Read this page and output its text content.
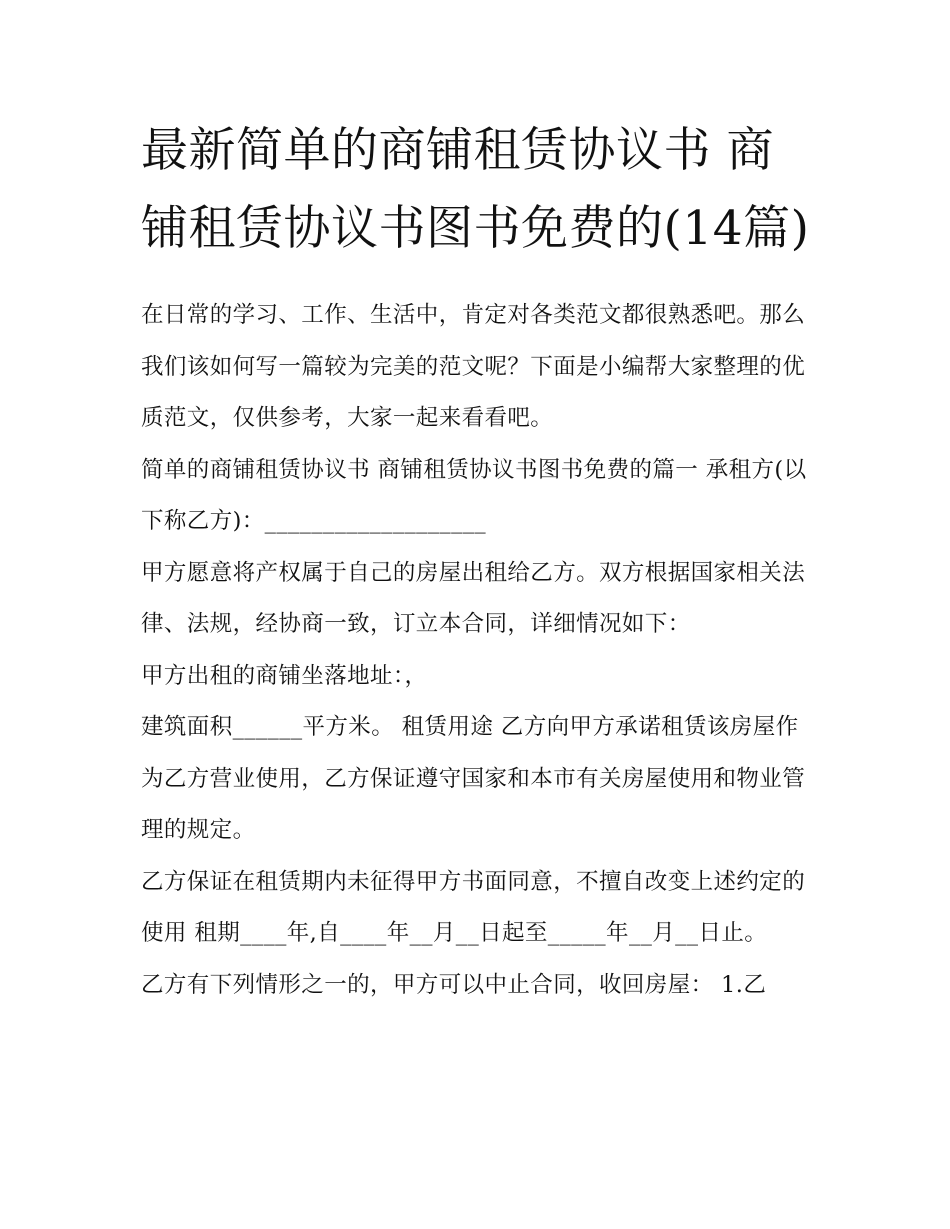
最新简单的商铺租赁协议书 商铺租赁协议书图书免费的(14篇)

在日常的学习、工作、生活中，肯定对各类范文都很熟悉吧。那么我们该如何写一篇较为完美的范文呢？下面是小编帮大家整理的优质范文，仅供参考，大家一起来看看吧。

简单的商铺租赁协议书 商铺租赁协议书图书免费的篇一 承租方(以下称乙方)：___________________

甲方愿意将产权属于自己的房屋出租给乙方。双方根据国家相关法律、法规，经协商一致，订立本合同，详细情况如下：

甲方出租的商铺坐落地址：，

建筑面积______平方米。 租赁用途 乙方向甲方承诺租赁该房屋作为乙方营业使用，乙方保证遵守国家和本市有关房屋使用和物业管理的规定。

乙方保证在租赁期内未征得甲方书面同意，不擅自改变上述约定的使用 租期____年,自____年__月__日起至_____年__月__日止。

乙方有下列情形之一的，甲方可以中止合同，收回房屋： 1.乙
